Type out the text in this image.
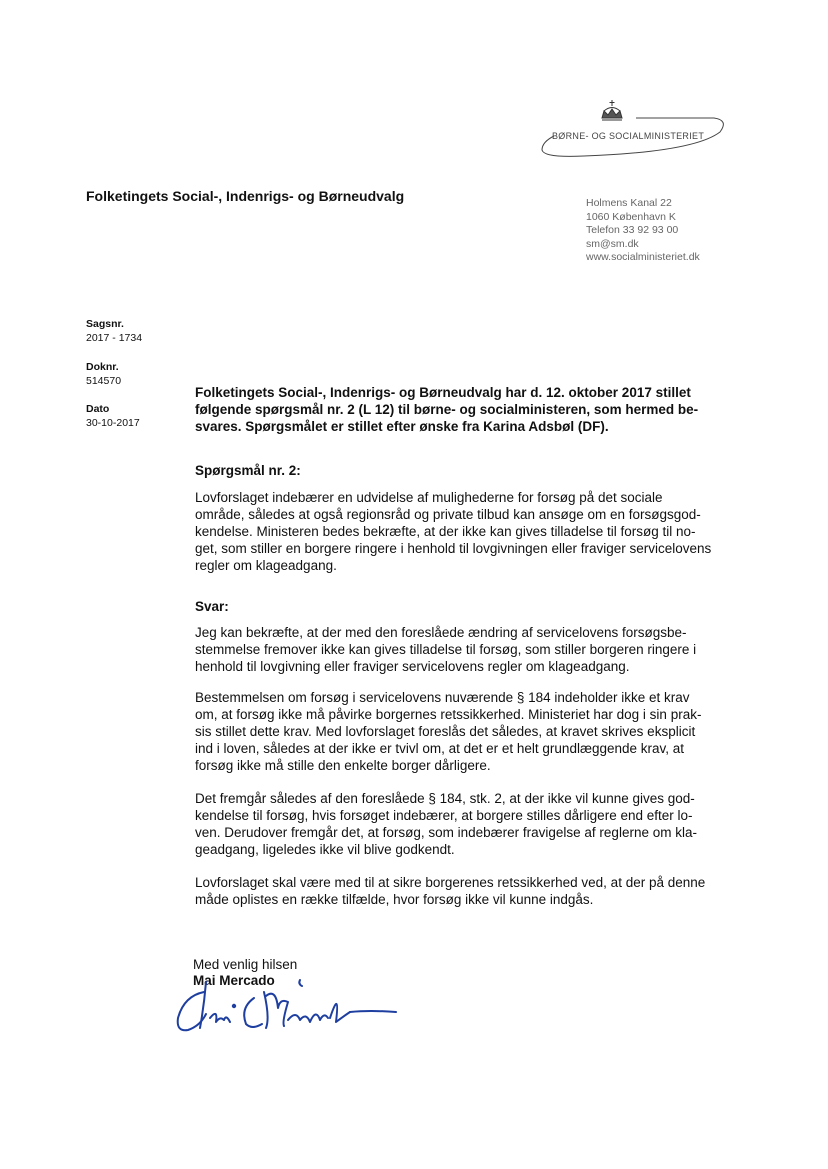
BØRNE- OG SOCIALMINISTERIET
Folketingets Social-, Indenrigs- og Børneudvalg	Holmens Kanal 22
1060 København K
Telefon 33 92 93 00
sm@sm.dk
www.socialministeriet.dk
Sagsnr.
2017 - 1734
Doknr.
514570
Dato
30-10-2017
Folketingets Social-, Indenrigs- og Børneudvalg har d. 12. oktober 2017 stillet
følgende spørgsmål nr. 2 (L 12) til børne- og socialministeren, som hermed be-
svares. Spørgsmålet er stillet efter ønske fra Karina Adsbøl (DF).
Spørgsmål nr. 2:
Lovforslaget indebærer en udvidelse af mulighederne for forsøg på det sociale
område, således at også regionsråd og private tilbud kan ansøge om en forsøgsgod-
kendelse. Ministeren bedes bekræfte, at der ikke kan gives tilladelse til forsøg til no-
get, som stiller en borgere ringere i henhold til lovgivningen eller fraviger servicelovens
regler om klageadgang.
Svar:
Jeg kan bekræfte, at der med den foreslåede ændring af servicelovens forsøgsbe-
stemmelse fremover ikke kan gives tilladelse til forsøg, som stiller borgeren ringere i
henhold til lovgivning eller fraviger servicelovens regler om klageadgang.
Bestemmelsen om forsøg i servicelovens nuværende § 184 indeholder ikke et krav
om, at forsøg ikke må påvirke borgernes retssikkerhed. Ministeriet har dog i sin prak-
sis stillet dette krav. Med lovforslaget foreslås det således, at kravet skrives eksplicit
ind i loven, således at der ikke er tvivl om, at det er et helt grundlæggende krav, at
forsøg ikke må stille den enkelte borger dårligere.
Det fremgår således af den foreslåede § 184, stk. 2, at der ikke vil kunne gives god-
kendelse til forsøg, hvis forsøget indebærer, at borgere stilles dårligere end efter lo-
ven. Derudover fremgår det, at forsøg, som indebærer fravigelse af reglerne om kla-
geadgang, ligeledes ikke vil blive godkendt.
Lovforslaget skal være med til at sikre borgerenes retssikkerhed ved, at der på denne
måde oplistes en række tilfælde, hvor forsøg ikke vil kunne indgås.
Med venlig hilsen
Mai Mercado
